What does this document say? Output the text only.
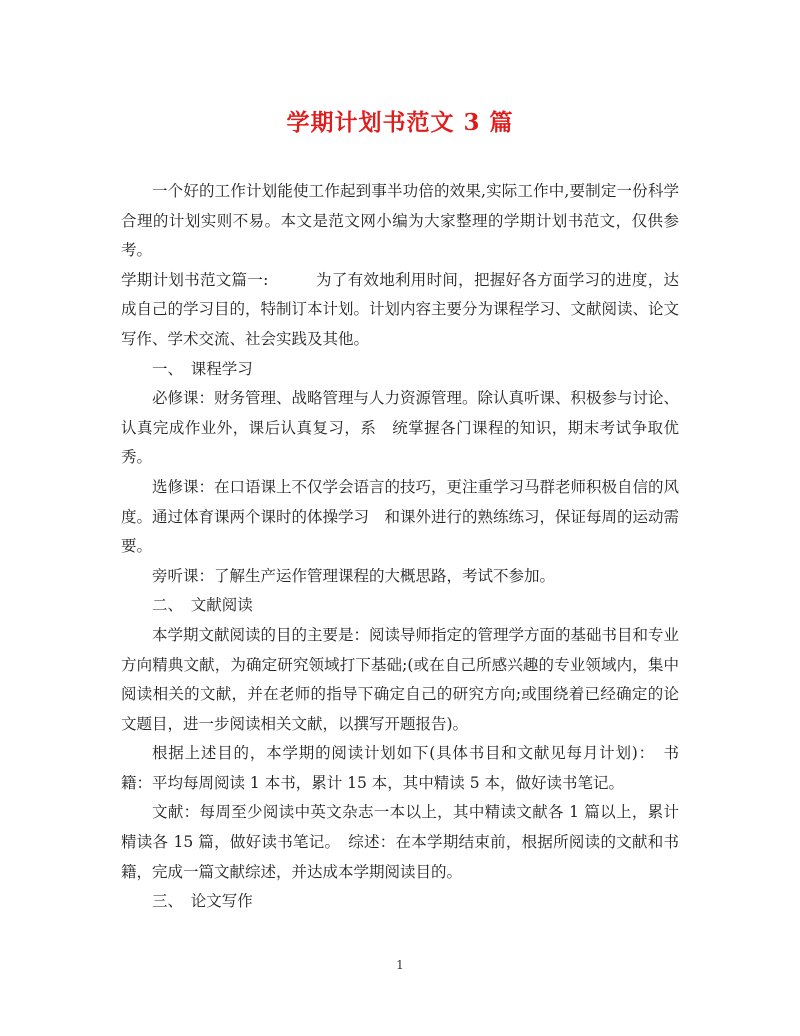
学期计划书范文 3 篇

一个好的工作计划能使工作起到事半功倍的效果,实际工作中,要制定一份科学合理的计划实则不易。本文是范文网小编为大家整理的学期计划书范文，仅供参考。

学期计划书范文篇一:　　　为了有效地利用时间，把握好各方面学习的进度，达成自己的学习目的，特制订本计划。计划内容主要分为课程学习、文献阅读、论文写作、学术交流、社会实践及其他。

一、　课程学习

必修课：财务管理、战略管理与人力资源管理。除认真听课、积极参与讨论、认真完成作业外，课后认真复习，系　统掌握各门课程的知识，期末考试争取优秀。

选修课：在口语课上不仅学会语言的技巧，更注重学习马群老师积极自信的风度。通过体育课两个课时的体操学习　和课外进行的熟练练习，保证每周的运动需要。

旁听课：了解生产运作管理课程的大概思路，考试不参加。

二、　文献阅读

本学期文献阅读的目的主要是：阅读导师指定的管理学方面的基础书目和专业方向精典文献，为确定研究领域打下基础;(或在自己所感兴趣的专业领域内，集中阅读相关的文献，并在老师的指导下确定自己的研究方向;或围绕着已经确定的论文题目，进一步阅读相关文献，以撰写开题报告)。

根据上述目的，本学期的阅读计划如下(具体书目和文献见每月计划)：　书籍：平均每周阅读 1 本书，累计 15 本，其中精读 5 本，做好读书笔记。

文献：每周至少阅读中英文杂志一本以上，其中精读文献各 1 篇以上，累计精读各 15 篇，做好读书笔记。　综述：在本学期结束前，根据所阅读的文献和书籍，完成一篇文献综述，并达成本学期阅读目的。

三、　论文写作

1
